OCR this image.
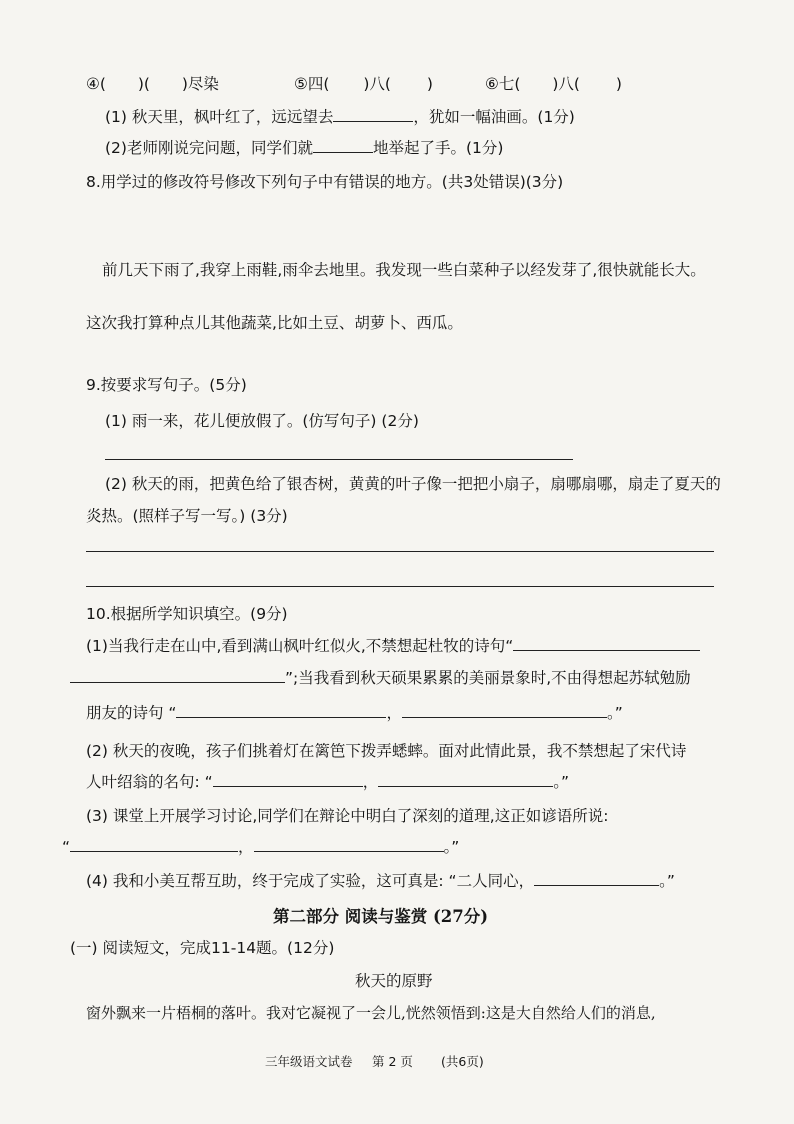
④( )( )尽染	⑤四( )八( )	⑥七( )八( )
(1) 秋天里，枫叶红了，远远望去	，犹如一幅油画。(1分)
(2)老师刚说完问题，同学们就	地举起了手。(1分)
8.用学过的修改符号修改下列句子中有错误的地方。(共3处错误)(3分)
前几天下雨了,我穿上雨鞋,雨伞去地里。我发现一些白菜种子以经发芽了,很快就能长大。
这次我打算种点儿其他蔬菜,比如土豆、胡萝卜、西瓜。
9.按要求写句子。(5分)
(1) 雨一来，花儿便放假了。(仿写句子) (2分)
(2) 秋天的雨，把黄色给了银杏树，黄黄的叶子像一把把小扇子，扇哪扇哪，扇走了夏天的
炎热。(照样子写一写。) (3分)
10.根据所学知识填空。(9分)
(1)当我行走在山中,看到满山枫叶红似火,不禁想起杜牧的诗句“
”;当我看到秋天硕果累累的美丽景象时,不由得想起苏轼勉励
朋友的诗句 “	，	。”
(2) 秋天的夜晚，孩子们挑着灯在篱笆下拨弄蟋蟀。面对此情此景，我不禁想起了宋代诗
人叶绍翁的名句: “	，	。”
(3) 课堂上开展学习讨论,同学们在辩论中明白了深刻的道理,这正如谚语所说:
“	，	。”
(4) 我和小美互帮互助，终于完成了实验，这可真是: “二人同心，	。”
第二部分 阅读与鉴赏 (27分)
(一) 阅读短文，完成11-14题。(12分)
秋天的原野
窗外飘来一片梧桐的落叶。我对它凝视了一会儿,恍然领悟到:这是大自然给人们的消息,
三年级语文试卷 第 2 页 (共6页)
